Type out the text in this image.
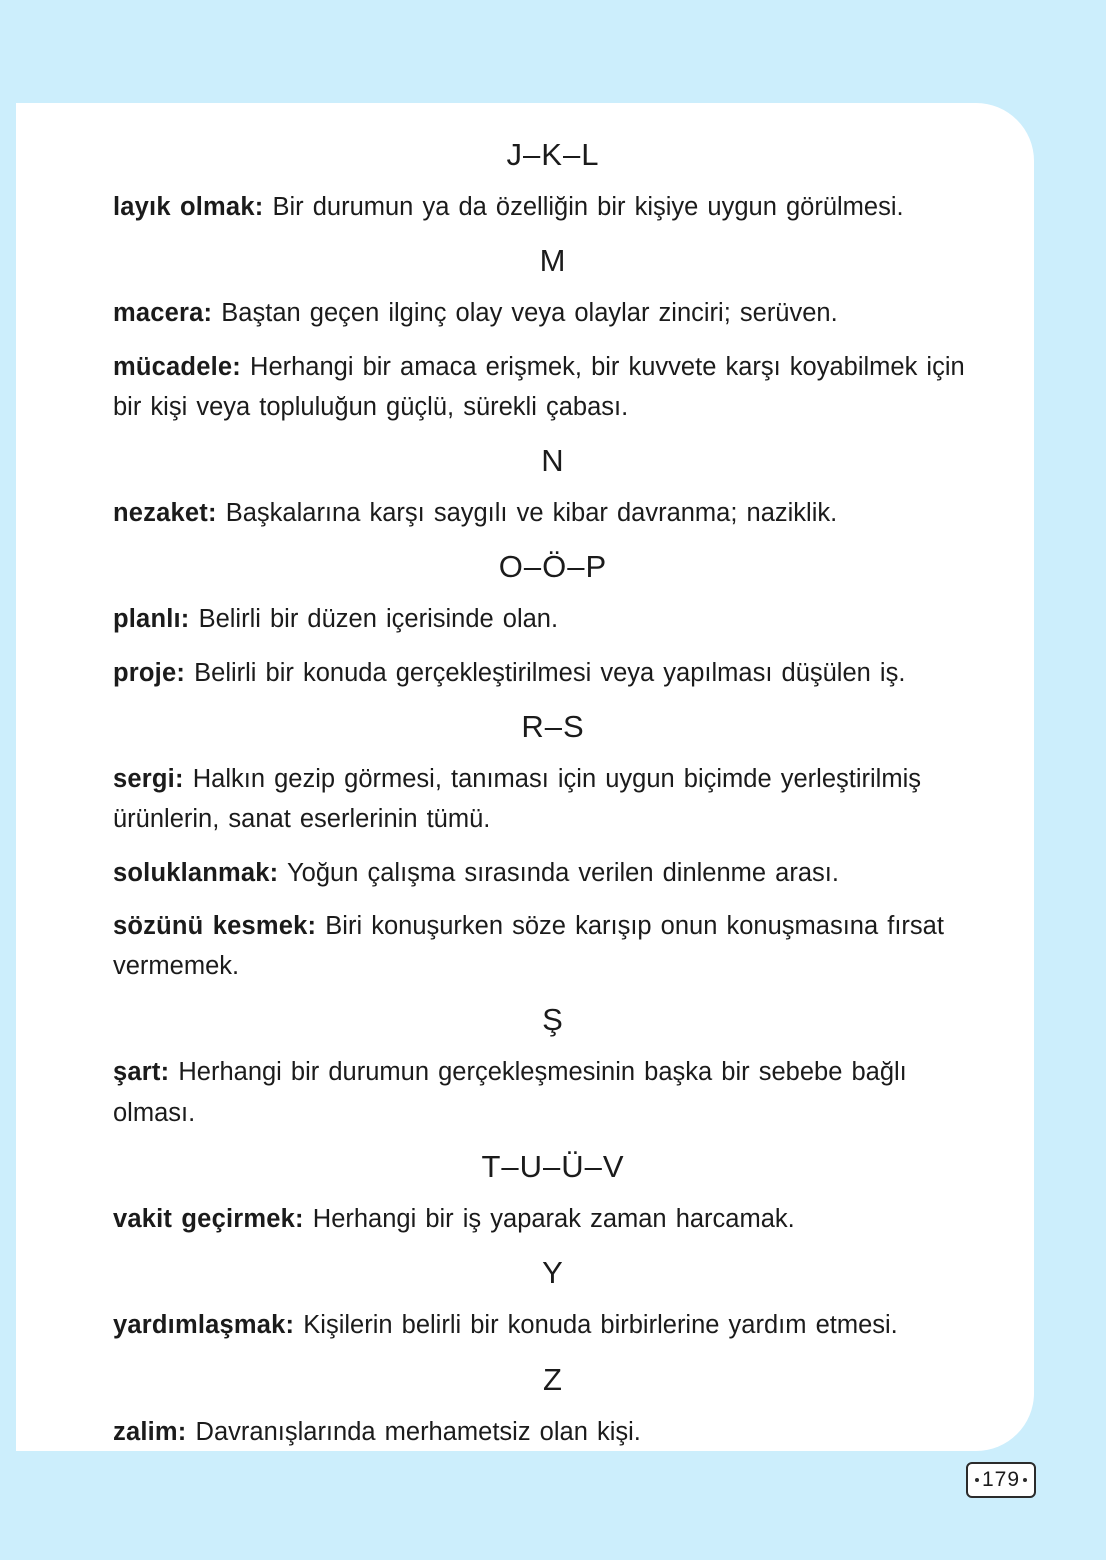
J–K–L

layık olmak: Bir durumun ya da özelliğin bir kişiye uygun görülmesi.

M

macera: Baştan geçen ilginç olay veya olaylar zinciri; serüven.

mücadele: Herhangi bir amaca erişmek, bir kuvvete karşı koyabilmek için bir kişi veya topluluğun güçlü, sürekli çabası.

N

nezaket: Başkalarına karşı saygılı ve kibar davranma; naziklik.

O–Ö–P

planlı: Belirli bir düzen içerisinde olan.

proje: Belirli bir konuda gerçekleştirilmesi veya yapılması düşülen iş.

R–S

sergi: Halkın gezip görmesi, tanıması için uygun biçimde yerleştirilmiş ürünlerin, sanat eserlerinin tümü.

soluklanmak: Yoğun çalışma sırasında verilen dinlenme arası.

sözünü kesmek: Biri konuşurken söze karışıp onun konuşmasına fırsat vermemek.

Ş

şart: Herhangi bir durumun gerçekleşmesinin başka bir sebebe bağlı olması.

T–U–Ü–V

vakit geçirmek: Herhangi bir iş yaparak zaman harcamak.

Y

yardımlaşmak: Kişilerin belirli bir konuda birbirlerine yardım etmesi.

Z

zalim: Davranışlarında merhametsiz olan kişi.

179
